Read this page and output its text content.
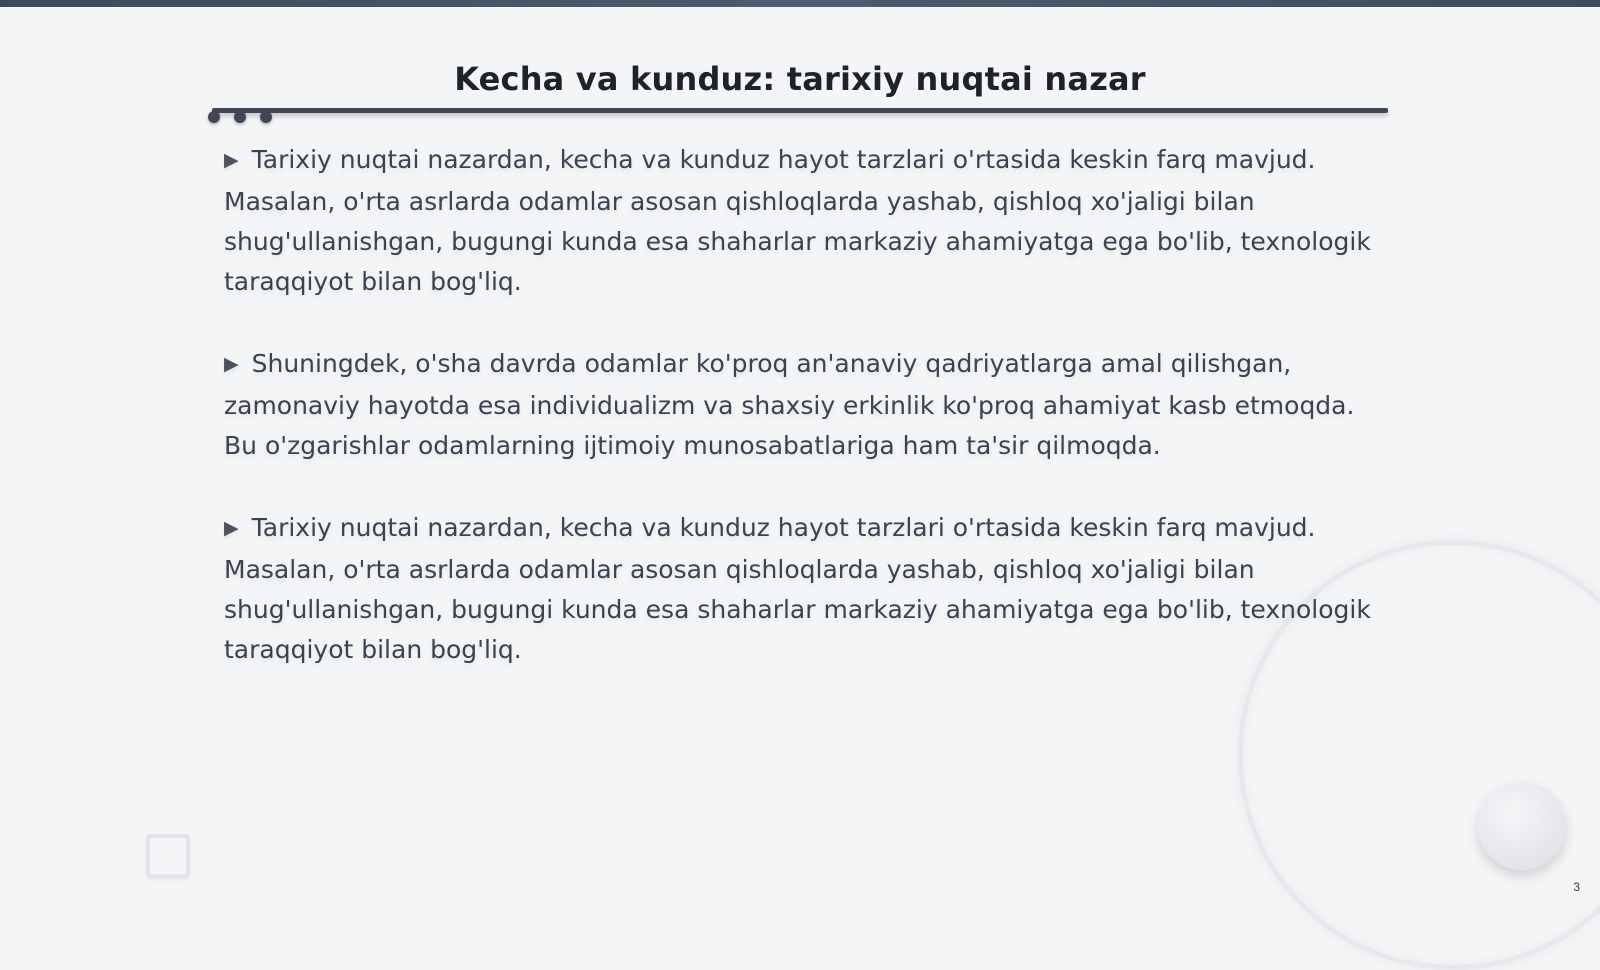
Kecha va kunduz: tarixiy nuqtai nazar

▶ Tarixiy nuqtai nazardan, kecha va kunduz hayot tarzlari o'rtasida keskin farq mavjud. Masalan, o'rta asrlarda odamlar asosan qishloqlarda yashab, qishloq xo'jaligi bilan shug'ullanishgan, bugungi kunda esa shaharlar markaziy ahamiyatga ega bo'lib, texnologik taraqqiyot bilan bog'liq.

▶ Shuningdek, o'sha davrda odamlar ko'proq an'anaviy qadriyatlarga amal qilishgan, zamonaviy hayotda esa individualizm va shaxsiy erkinlik ko'proq ahamiyat kasb etmoqda. Bu o'zgarishlar odamlarning ijtimoiy munosabatlariga ham ta'sir qilmoqda.

▶ Tarixiy nuqtai nazardan, kecha va kunduz hayot tarzlari o'rtasida keskin farq mavjud. Masalan, o'rta asrlarda odamlar asosan qishloqlarda yashab, qishloq xo'jaligi bilan shug'ullanishgan, bugungi kunda esa shaharlar markaziy ahamiyatga ega bo'lib, texnologik taraqqiyot bilan bog'liq.

3
